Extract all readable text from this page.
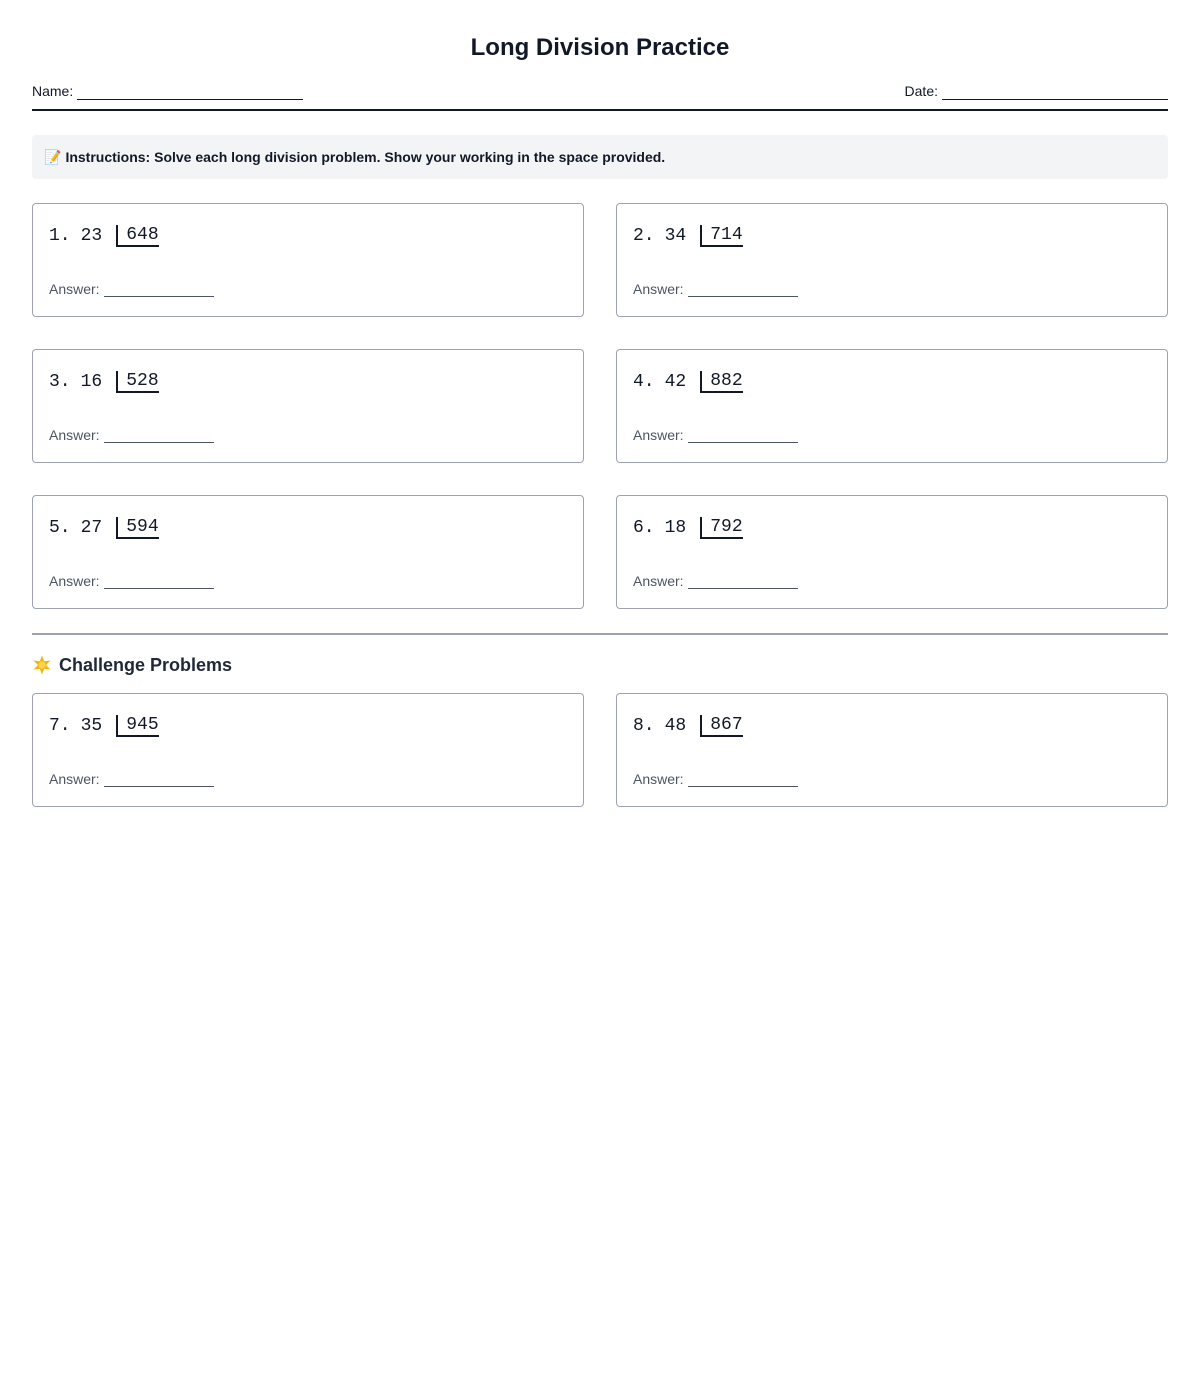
Long Division Practice
Name:	Date:
📝 Instructions: Solve each long division problem. Show your working in the space provided.
1. 23	648
Answer:
2. 34	714
Answer:
3. 16	528
Answer:
4. 42	882
Answer:
5. 27	594
Answer:
6. 18	792
Answer:
Challenge Problems
7. 35	945
Answer:
8. 48	867
Answer:
